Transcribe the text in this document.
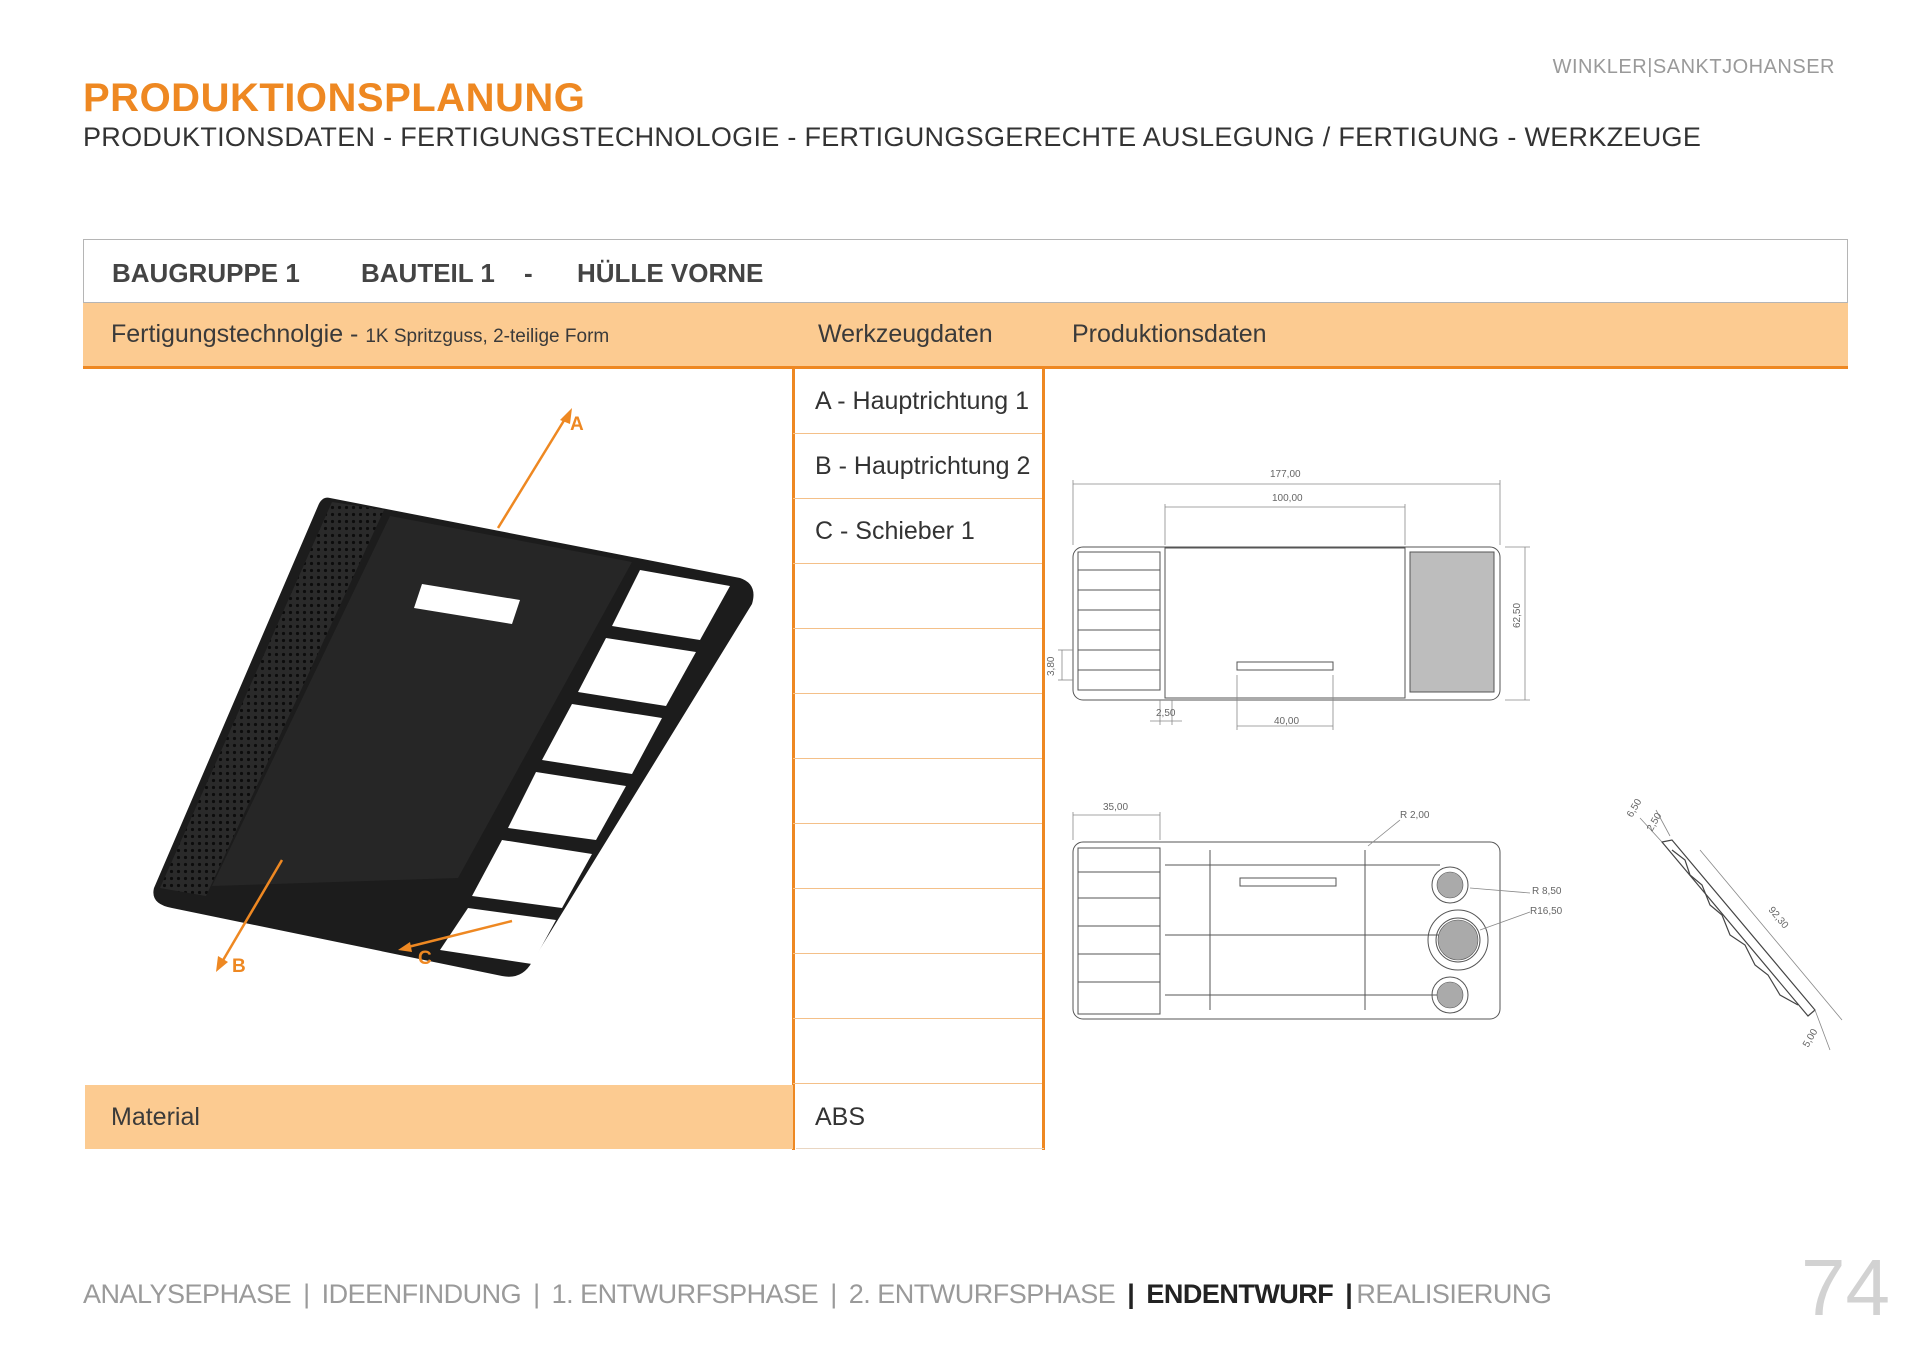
WINKLER|SANKTJOHANSER
PRODUKTIONSPLANUNG
PRODUKTIONSDATEN - FERTIGUNGSTECHNOLOGIE - FERTIGUNGSGERECHTE AUSLEGUNG / FERTIGUNG - WERKZEUGE
BAUGRUPPE 1 BAUTEIL 1 - HÜLLE VORNE
Fertigungstechnolgie - 1K Spritzguss, 2-teilige Form	Werkzeugdaten	Produktionsdaten
A - Hauptrichtung 1
B - Hauptrichtung 2
C - Schieber 1
A
B	C
177,00
100,00
62,50
3,80
2,50
40,00
35,00
R 2,00
R 8,50
R16,50
6,50
2,50
92,30
5,00
Material	ABS
ANALYSEPHASE | IDEENFINDUNG | 1. ENTWURFSPHASE | 2. ENTWURFSPHASE | ENDENTWURF | REALISIERUNG	74
